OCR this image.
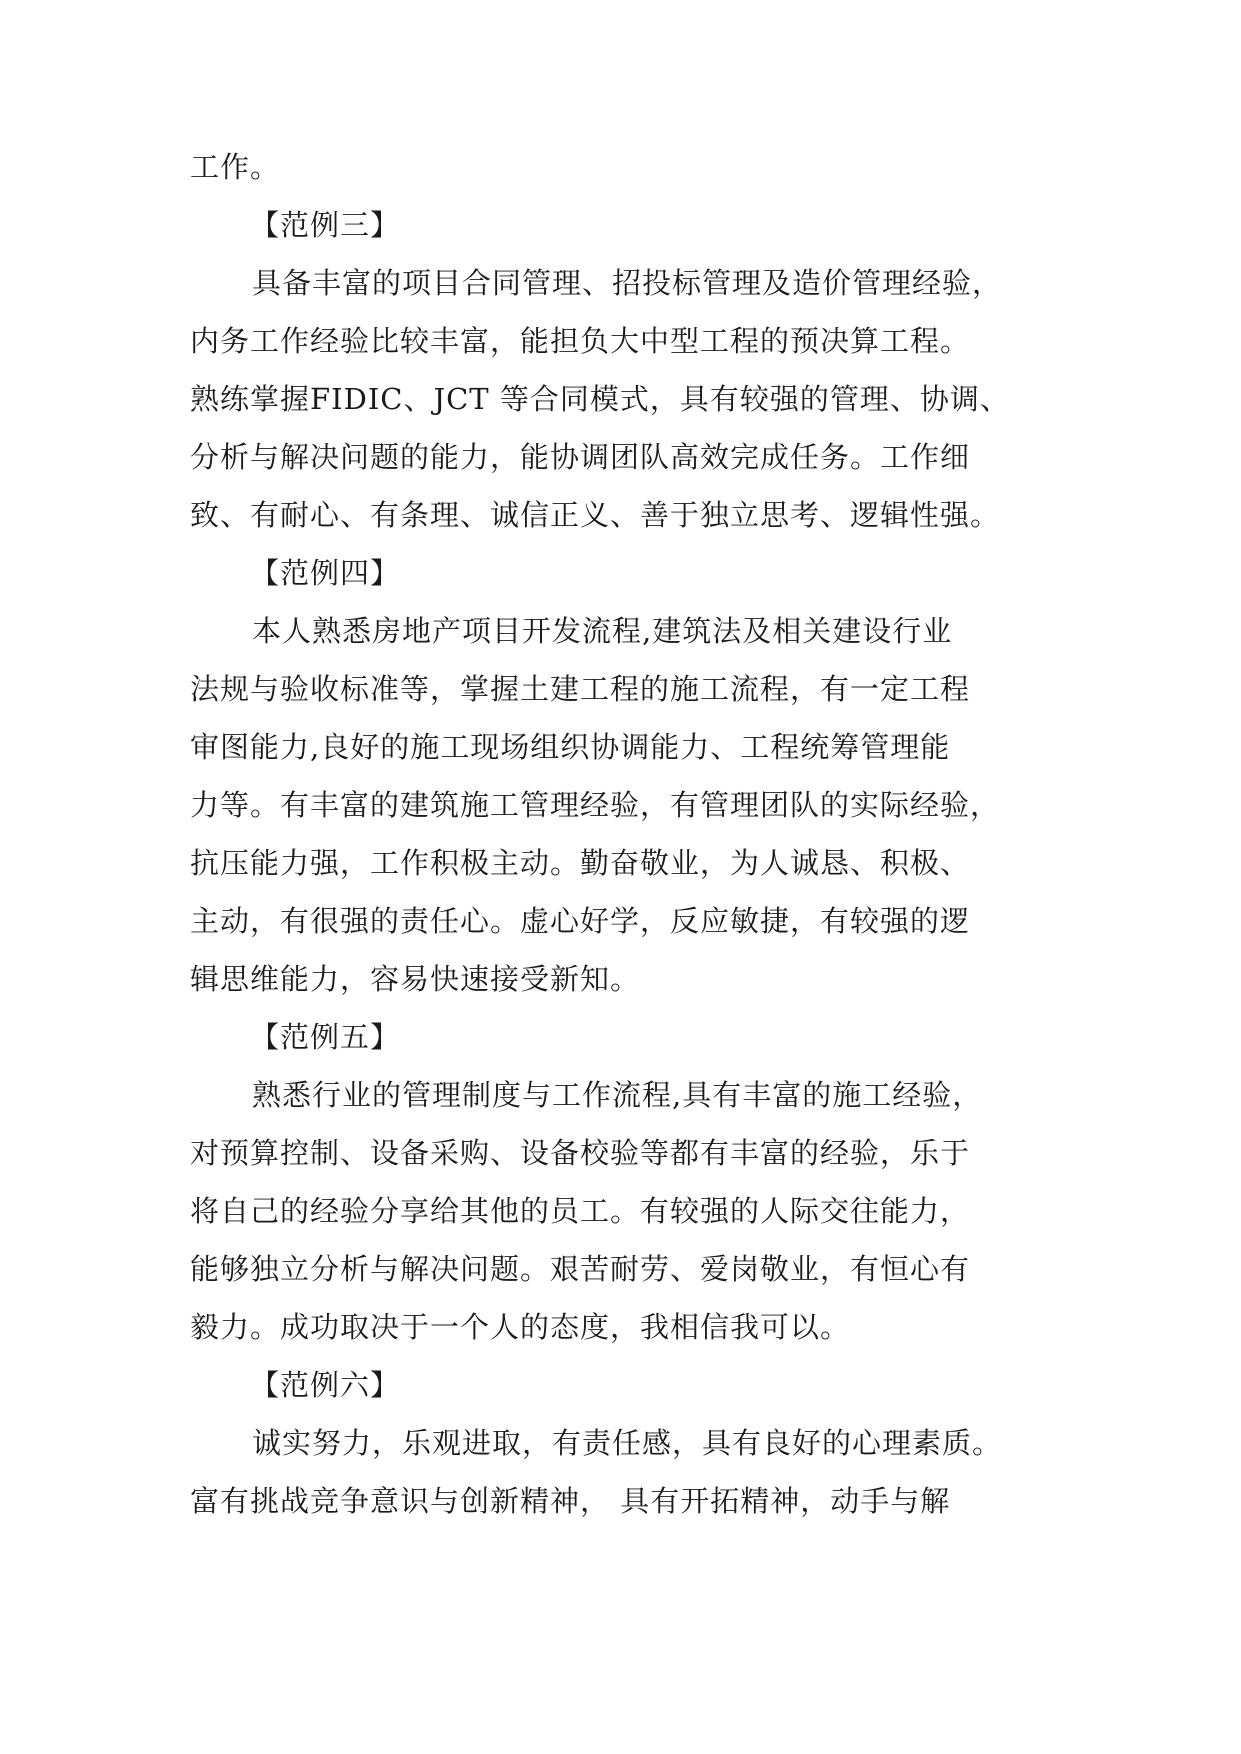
工作。
【范例三】
具备丰富的项目合同管理、招投标管理及造价管理经验，
内务工作经验比较丰富，能担负大中型工程的预决算工程。
熟练掌握FIDIC、JCT 等合同模式，具有较强的管理、协调、
分析与解决问题的能力，能协调团队高效完成任务。工作细
致、有耐心、有条理、诚信正义、善于独立思考、逻辑性强。
【范例四】
本人熟悉房地产项目开发流程,建筑法及相关建设行业
法规与验收标准等，掌握土建工程的施工流程，有一定工程
审图能力,良好的施工现场组织协调能力、工程统筹管理能
力等。有丰富的建筑施工管理经验，有管理团队的实际经验，
抗压能力强，工作积极主动。勤奋敬业，为人诚恳、积极、
主动，有很强的责任心。虚心好学，反应敏捷，有较强的逻
辑思维能力，容易快速接受新知。
【范例五】
熟悉行业的管理制度与工作流程,具有丰富的施工经验，
对预算控制、设备采购、设备校验等都有丰富的经验，乐于
将自己的经验分享给其他的员工。有较强的人际交往能力，
能够独立分析与解决问题。艰苦耐劳、爱岗敬业，有恒心有
毅力。成功取决于一个人的态度，我相信我可以。
【范例六】
诚实努力，乐观进取，有责任感，具有良好的心理素质。
富有挑战竞争意识与创新精神， 具有开拓精神，动手与解
